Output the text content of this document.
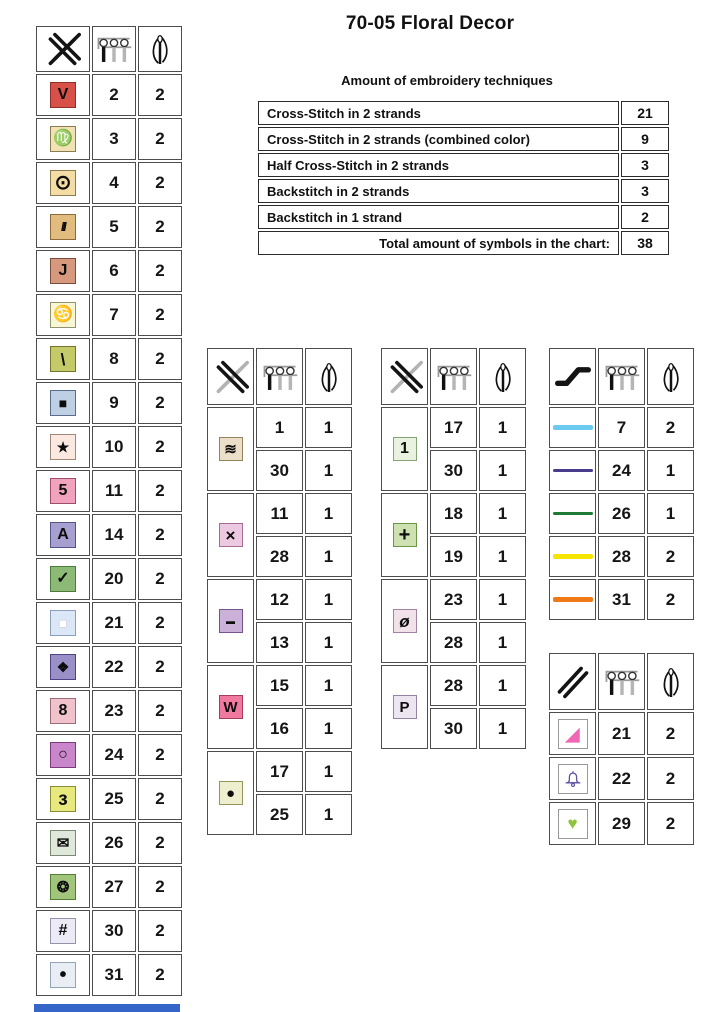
70-05 Floral Decor
Amount of embroidery techniques
Cross-Stitch in 2 strands	21
Cross-Stitch in 2 strands (combined color)	9
Half Cross-Stitch in 2 strands	3
Backstitch in 2 strands	3
Backstitch in 1 strand	2
Total amount of symbols in the chart:	38

V	2	2

♍	3	2

⊙	4	2

///	5	2

J	6	2

♋	7	2

\	8	2

■	9	2

★	10	2

5	11	2

A	14	2

✓	20	2

■	21	2

❖	22	2

8	23	2

○	24	2

ɜ	25	2

✉	26	2

❂	27	2

#	30	2

•	31	2

≋	1	1
	30	1

×	11	1
	28	1

▬	12	1
	13	1

W	15	1
	16	1

●	17	1
	25	1

1	17	1
	30	1

+	18	1
	19	1

ø	23	1
	28	1

P	28	1
	30	1

	7	2
	24	1
	26	1
	28	2
	31	2

◢	21	2

	22	2

♥	29	2
